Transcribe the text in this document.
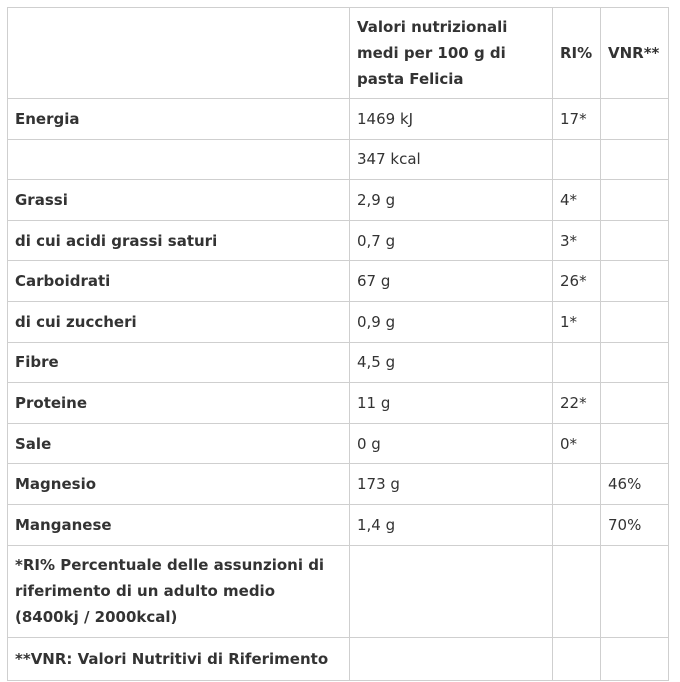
	Valori nutrizionali medi per 100 g di pasta Felicia	RI%	VNR**
Energia	1469 kJ	17*	
	347 kcal		
Grassi	2,9 g	4*	
di cui acidi grassi saturi	0,7 g	3*	
Carboidrati	67 g	26*	
di cui zuccheri	0,9 g	1*	
Fibre	4,5 g		
Proteine	11 g	22*	
Sale	0 g	0*	
Magnesio	173 g		46%
Manganese	1,4 g		70%
*RI% Percentuale delle assunzioni di riferimento di un adulto medio (8400kj / 2000kcal)			
**VNR: Valori Nutritivi di Riferimento			
